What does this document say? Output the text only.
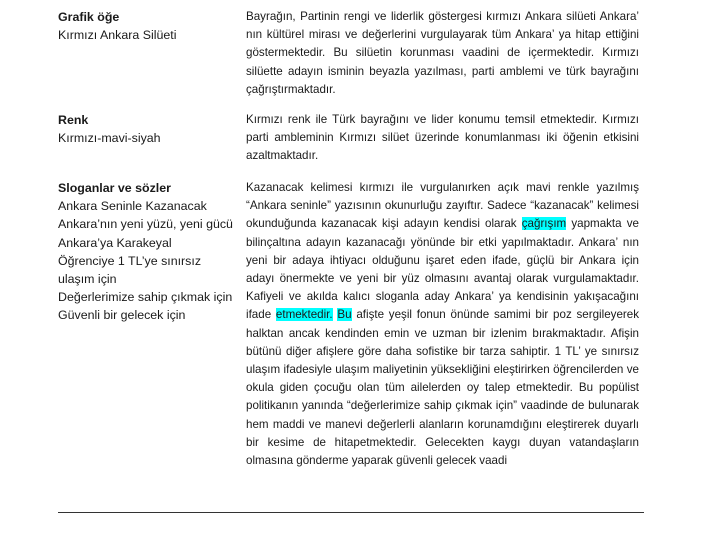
Grafik öğe
Kırmızı Ankara Silüeti
Bayrağın, Partinin rengi ve liderlik göstergesi kırmızı Ankara silüeti Ankara’ nın kültürel mirası ve değerlerini vurgulayarak tüm Ankara’ ya hitap ettiğini göstermektedir. Bu silüetin korunması vaadini de içermektedir. Kırmızı silüette adayın isminin beyazla yazılması, parti amblemi ve türk bayrağını çağrıştırmaktadır.
Renk
Kırmızı-mavi-siyah
Kırmızı renk ile Türk bayrağını ve lider konumu temsil etmektedir. Kırmızı parti ambleminin Kırmızı silüet üzerinde konumlanması iki öğenin etkisini azaltmaktadır.
Sloganlar ve sözler
Ankara Seninle Kazanacak
Ankara’nın yeni yüzü, yeni gücü
Ankara’ya Karakeyal
Öğrenciye 1 TL’ye sınırsız ulaşım için
Değerlerimize sahip çıkmak için
Güvenli bir gelecek için
Kazanacak kelimesi kırmızı ile vurgulanırken açık mavi renkle yazılmış “Ankara seninle” yazısının okunurluğu zayıftır. Sadece “kazanacak” kelimesi okunduğunda kazanacak kişi adayın kendisi olarak çağrışım yapmakta ve bilinçaltına adayın kazanacağı yönünde bir etki yapılmaktadır. Ankara’ nın yeni bir adaya ihtiyacı olduğunu işaret eden ifade, güçlü bir Ankara için adayı önermekte ve yeni bir yüz olmasını avantaj olarak vurgulamaktadır. Kafiyeli ve akılda kalıcı sloganla aday Ankara’ ya kendisinin yakışacağını ifade etmektedir. Bu afişte yeşil fonun önünde samimi bir poz sergileyerek halktan ancak kendinden emin ve uzman bir izlenim bırakmaktadır. Afişin bütünü diğer afişlere göre daha sofistike bir tarza sahiptir. 1 TL’ ye sınırsız ulaşım ifadesiyle ulaşım maliyetinin yüksekliğini eleştirirken öğrencilerden ve okula giden çocuğu olan tüm ailelerden oy talep etmektedir. Bu popülist politikanın yanında “değerlerimize sahip çıkmak için” vaadinde de bulunarak hem maddi ve manevi değerlerli alanların korunamdığını eleştirerek duyarlı bir kesime de hitapetmektedir. Gelecekten kaygı duyan vatandaşların olmasına gönderme yaparak güvenli gelecek vaadi
